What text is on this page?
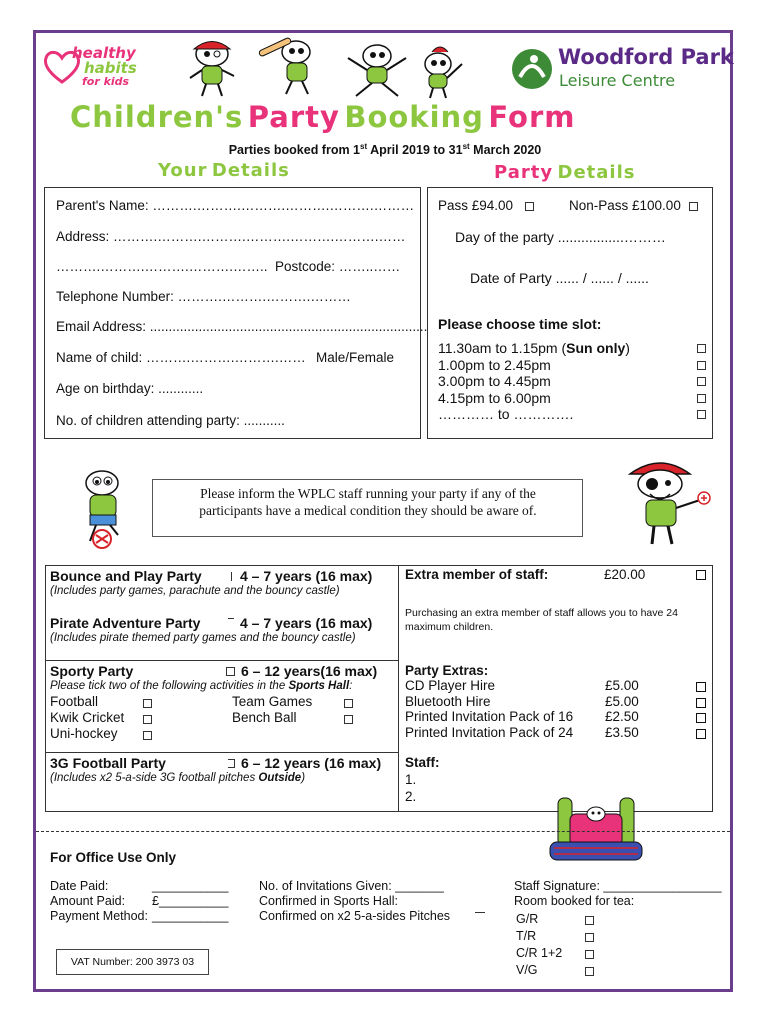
healthy
habits
for kids
Woodford Park
Leisure Centre
Children's Party Booking Form
Parties booked from 1st April 2019 to 31st March 2020
Your Details	Party Details
Parent's Name: ……….……….……….……….……….………
Address: ……….……….……….……….……….……….……
……….……….……….……….…….. Postcode: ……..……
Telephone Number: ……….……….……….………
Email Address: ..........................................................................
Name of child: ……….……….……….…… Male/Female
Age on birthday: ............
No. of children attending party: ...........
Pass £94.00	Non-Pass £100.00
Day of the party .................………
Date of Party ...... / ...... / ......
Please choose time slot:
11.30am to 1.15pm (Sun only)
1.00pm to 2.45pm
3.00pm to 4.45pm
4.15pm to 6.00pm
………… to ………….
Please inform the WPLC staff running your party if any of the participants have a medical condition they should be aware of.
Bounce and Play Party	4 – 7 years (16 max)
(Includes party games, parachute and the bouncy castle)
Pirate Adventure Party	4 – 7 years (16 max)
(Includes pirate themed party games and the bouncy castle)
Sporty Party	6 – 12 years(16 max)
Please tick two of the following activities in the Sports Hall:
Football	Team Games
Kwik Cricket	Bench Ball
Uni-hockey
3G Football Party	6 – 12 years (16 max)
(Includes x2 5-a-side 3G football pitches Outside)
Extra member of staff:	£20.00
Purchasing an extra member of staff allows you to have 24 maximum children.
Party Extras:
CD Player Hire	£5.00
Bluetooth Hire	£5.00
Printed Invitation Pack of 16 £2.50
Printed Invitation Pack of 24 £3.50
Staff:
1.
2.
For Office Use Only
Date Paid:	___________
Amount Paid: £__________
Payment Method: ___________
VAT Number: 200 3973 03
No. of Invitations Given: _______
Confirmed in Sports Hall:
Confirmed on x2 5-a-sides Pitches
Staff Signature: _________________
Room booked for tea:
G/R
T/R
C/R 1+2
V/G
